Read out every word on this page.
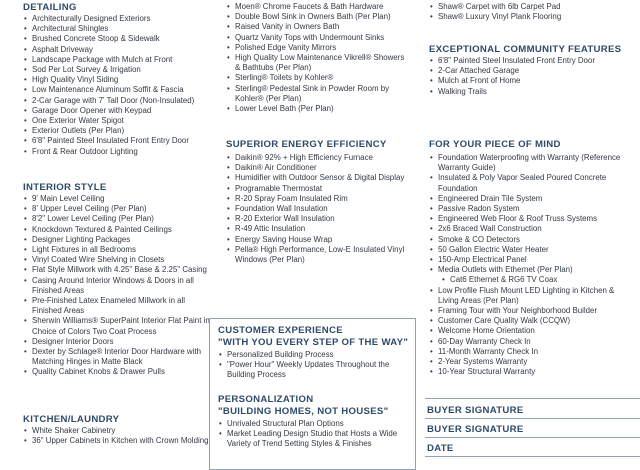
DETAILING
• Architecturally Designed Exteriors
• Architectural Shingles
• Brushed Concrete Stoop & Sidewalk
• Asphalt Driveway
• Landscape Package with Mulch at Front
• Sod Per Lot Survey & Irrigation
• High Quality Vinyl Siding
• Low Maintenance Aluminum Soffit & Fascia
• 2-Car Garage with 7' Tall Door (Non-Insulated)
• Garage Door Opener with Keypad
• One Exterior Water Spigot
• Exterior Outlets (Per Plan)
• 6'8" Painted Steel Insulated Front Entry Door
• Front & Rear Outdoor Lighting
INTERIOR STYLE
• 9' Main Level Ceiling
• 8' Upper Level Ceiling (Per Plan)
• 8'2" Lower Level Ceiling (Per Plan)
• Knockdown Textured & Painted Ceilings
• Designer Lighting Packages
• Light Fixtures in all Bedrooms
• Vinyl Coated Wire Shelving in Closets
• Flat Style Millwork with 4.25" Base & 2.25" Casing
• Casing Around Interior Windows & Doors in all Finished Areas
• Pre-Finished Latex Enameled Millwork in all Finished Areas
• Sherwin Williams® SuperPaint Interior Flat Paint in Choice of Colors Two Coat Process
• Designer Interior Doors
• Dexter by Schlage® Interior Door Hardware with Matching Hinges in Matte Black
• Quality Cabinet Knobs & Drawer Pulls
KITCHEN/LAUNDRY
• White Shaker Cabinetry
• 36" Upper Cabinets in Kitchen with Crown Molding
• Moen® Chrome Faucets & Bath Hardware
• Double Bowl Sink in Owners Bath (Per Plan)
• Raised Vanity in Owners Bath
• Quartz Vanity Tops with Undermount Sinks
• Polished Edge Vanity Mirrors
• High Quality Low Maintenance Vikrell® Showers & Bathtubs (Per Plan)
• Sterling® Toilets by Kohler®
• Sterling® Pedestal Sink in Powder Room by Kohler® (Per Plan)
• Lower Level Bath (Per Plan)
SUPERIOR ENERGY EFFICIENCY
• Daikin® 92% + High Efficiency Furnace
• Daikin® Air Conditioner
• Humidifier with Outdoor Sensor & Digital Display
• Programable Thermostat
• R-20 Spray Foam Insulated Rim
• Foundation Wall Insulation
• R-20 Exterior Wall Insulation
• R-49 Attic Insulation
• Energy Saving House Wrap
• Pella® High Performance, Low-E Insulated Vinyl Windows (Per Plan)
CUSTOMER EXPERIENCE
"WITH YOU EVERY STEP OF THE WAY"
• Personalized Building Process
• "Power Hour" Weekly Updates Throughout the Building Process
PERSONALIZATION
"BUILDING HOMES, NOT HOUSES"
• Unrivaled Structural Plan Options
• Market Leading Design Studio that Hosts a Wide Variety of Trend Setting Styles & Finishes
• Shaw® Carpet with 6lb Carpet Pad
• Shaw® Luxury Vinyl Plank Flooring
EXCEPTIONAL COMMUNITY FEATURES
• 6'8" Painted Steel Insulated Front Entry Door
• 2-Car Attached Garage
• Mulch at Front of Home
• Walking Trails
FOR YOUR PIECE OF MIND
• Foundation Waterproofing with Warranty (Reference Warranty Guide)
• Insulated & Poly Vapor Sealed Poured Concrete Foundation
• Engineered Drain Tile System
• Passive Radon System
• Engineered Web Floor & Roof Truss Systems
• 2x6 Braced Wall Construction
• Smoke & CO Detectors
• 50 Gallon Electric Water Heater
• 150-Amp Electrical Panel
• Media Outlets with Ethernet (Per Plan)
• Cat6 Ethernet & RG6 TV Coax
• Low Profile Flush Mount LED Lighting in Kitchen & Living Areas (Per Plan)
• Framing Tour with Your Neighborhood Builder
• Customer Care Quality Walk (CCQW)
• Welcome Home Orientation
• 60-Day Warranty Check In
• 11-Month Warranty Check In
• 2-Year Systems Warranty
• 10-Year Structural Warranty
BUYER SIGNATURE
BUYER SIGNATURE
DATE
